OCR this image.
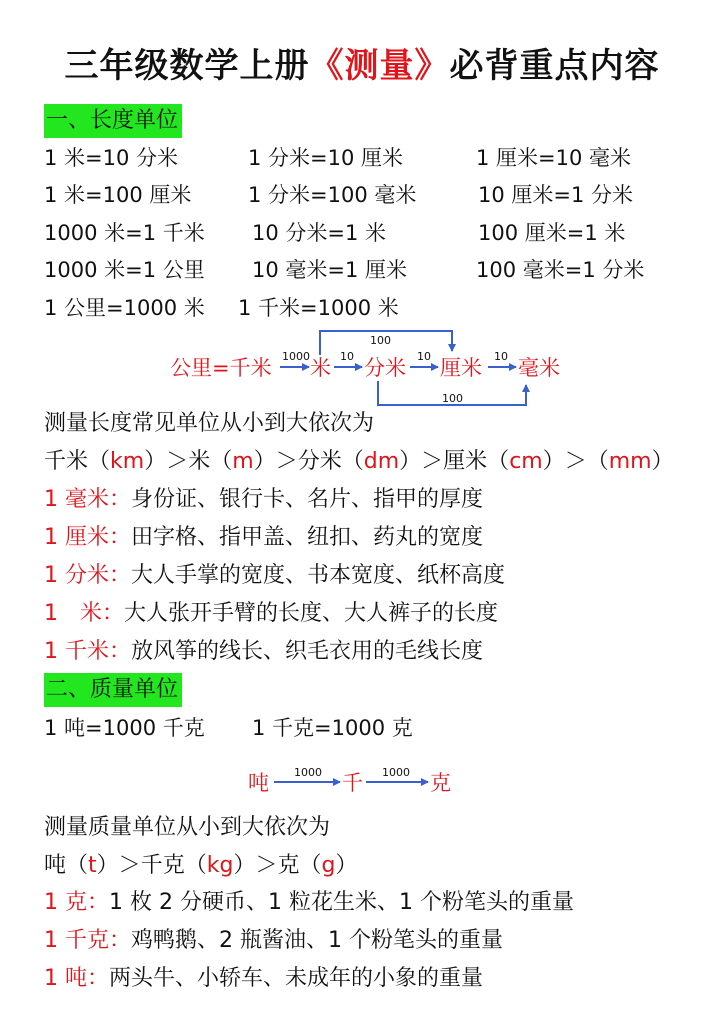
三年级数学上册《测量》必背重点内容
一、长度单位
1 米=10 分米	1 分米=10 厘米	1 厘米=10 毫米
1 米=100 厘米	1 分米=100 毫米	10 厘米=1 分米
1000 米=1 千米 10 分米=1 米	100 厘米=1 米
1000 米=1 公里 10 毫米=1 厘米	100 毫米=1 分米
1 公里=1000 米 1 千米=1000 米
公里=千米 米 分米 厘米 毫米
1000	10	10	10
100
100
测量长度常见单位从小到大依次为
千米（km）＞米（m）＞分米（dm）＞厘米（cm）＞（mm）
1 毫米：身份证、银行卡、名片、指甲的厚度
1 厘米：田字格、指甲盖、纽扣、药丸的宽度
1 分米：大人手掌的宽度、书本宽度、纸杯高度
1　米：大人张开手臂的长度、大人裤子的长度
1 千米：放风筝的线长、织毛衣用的毛线长度
二、质量单位
1 吨=1000 千克 1 千克=1000 克
吨	千	克
1000	1000
测量质量单位从小到大依次为
吨（t）＞千克（kg）＞克（g）
1 克：1 枚 2 分硬币、1 粒花生米、1 个粉笔头的重量
1 千克：鸡鸭鹅、2 瓶酱油、1 个粉笔头的重量
1 吨：两头牛、小轿车、未成年的小象的重量
